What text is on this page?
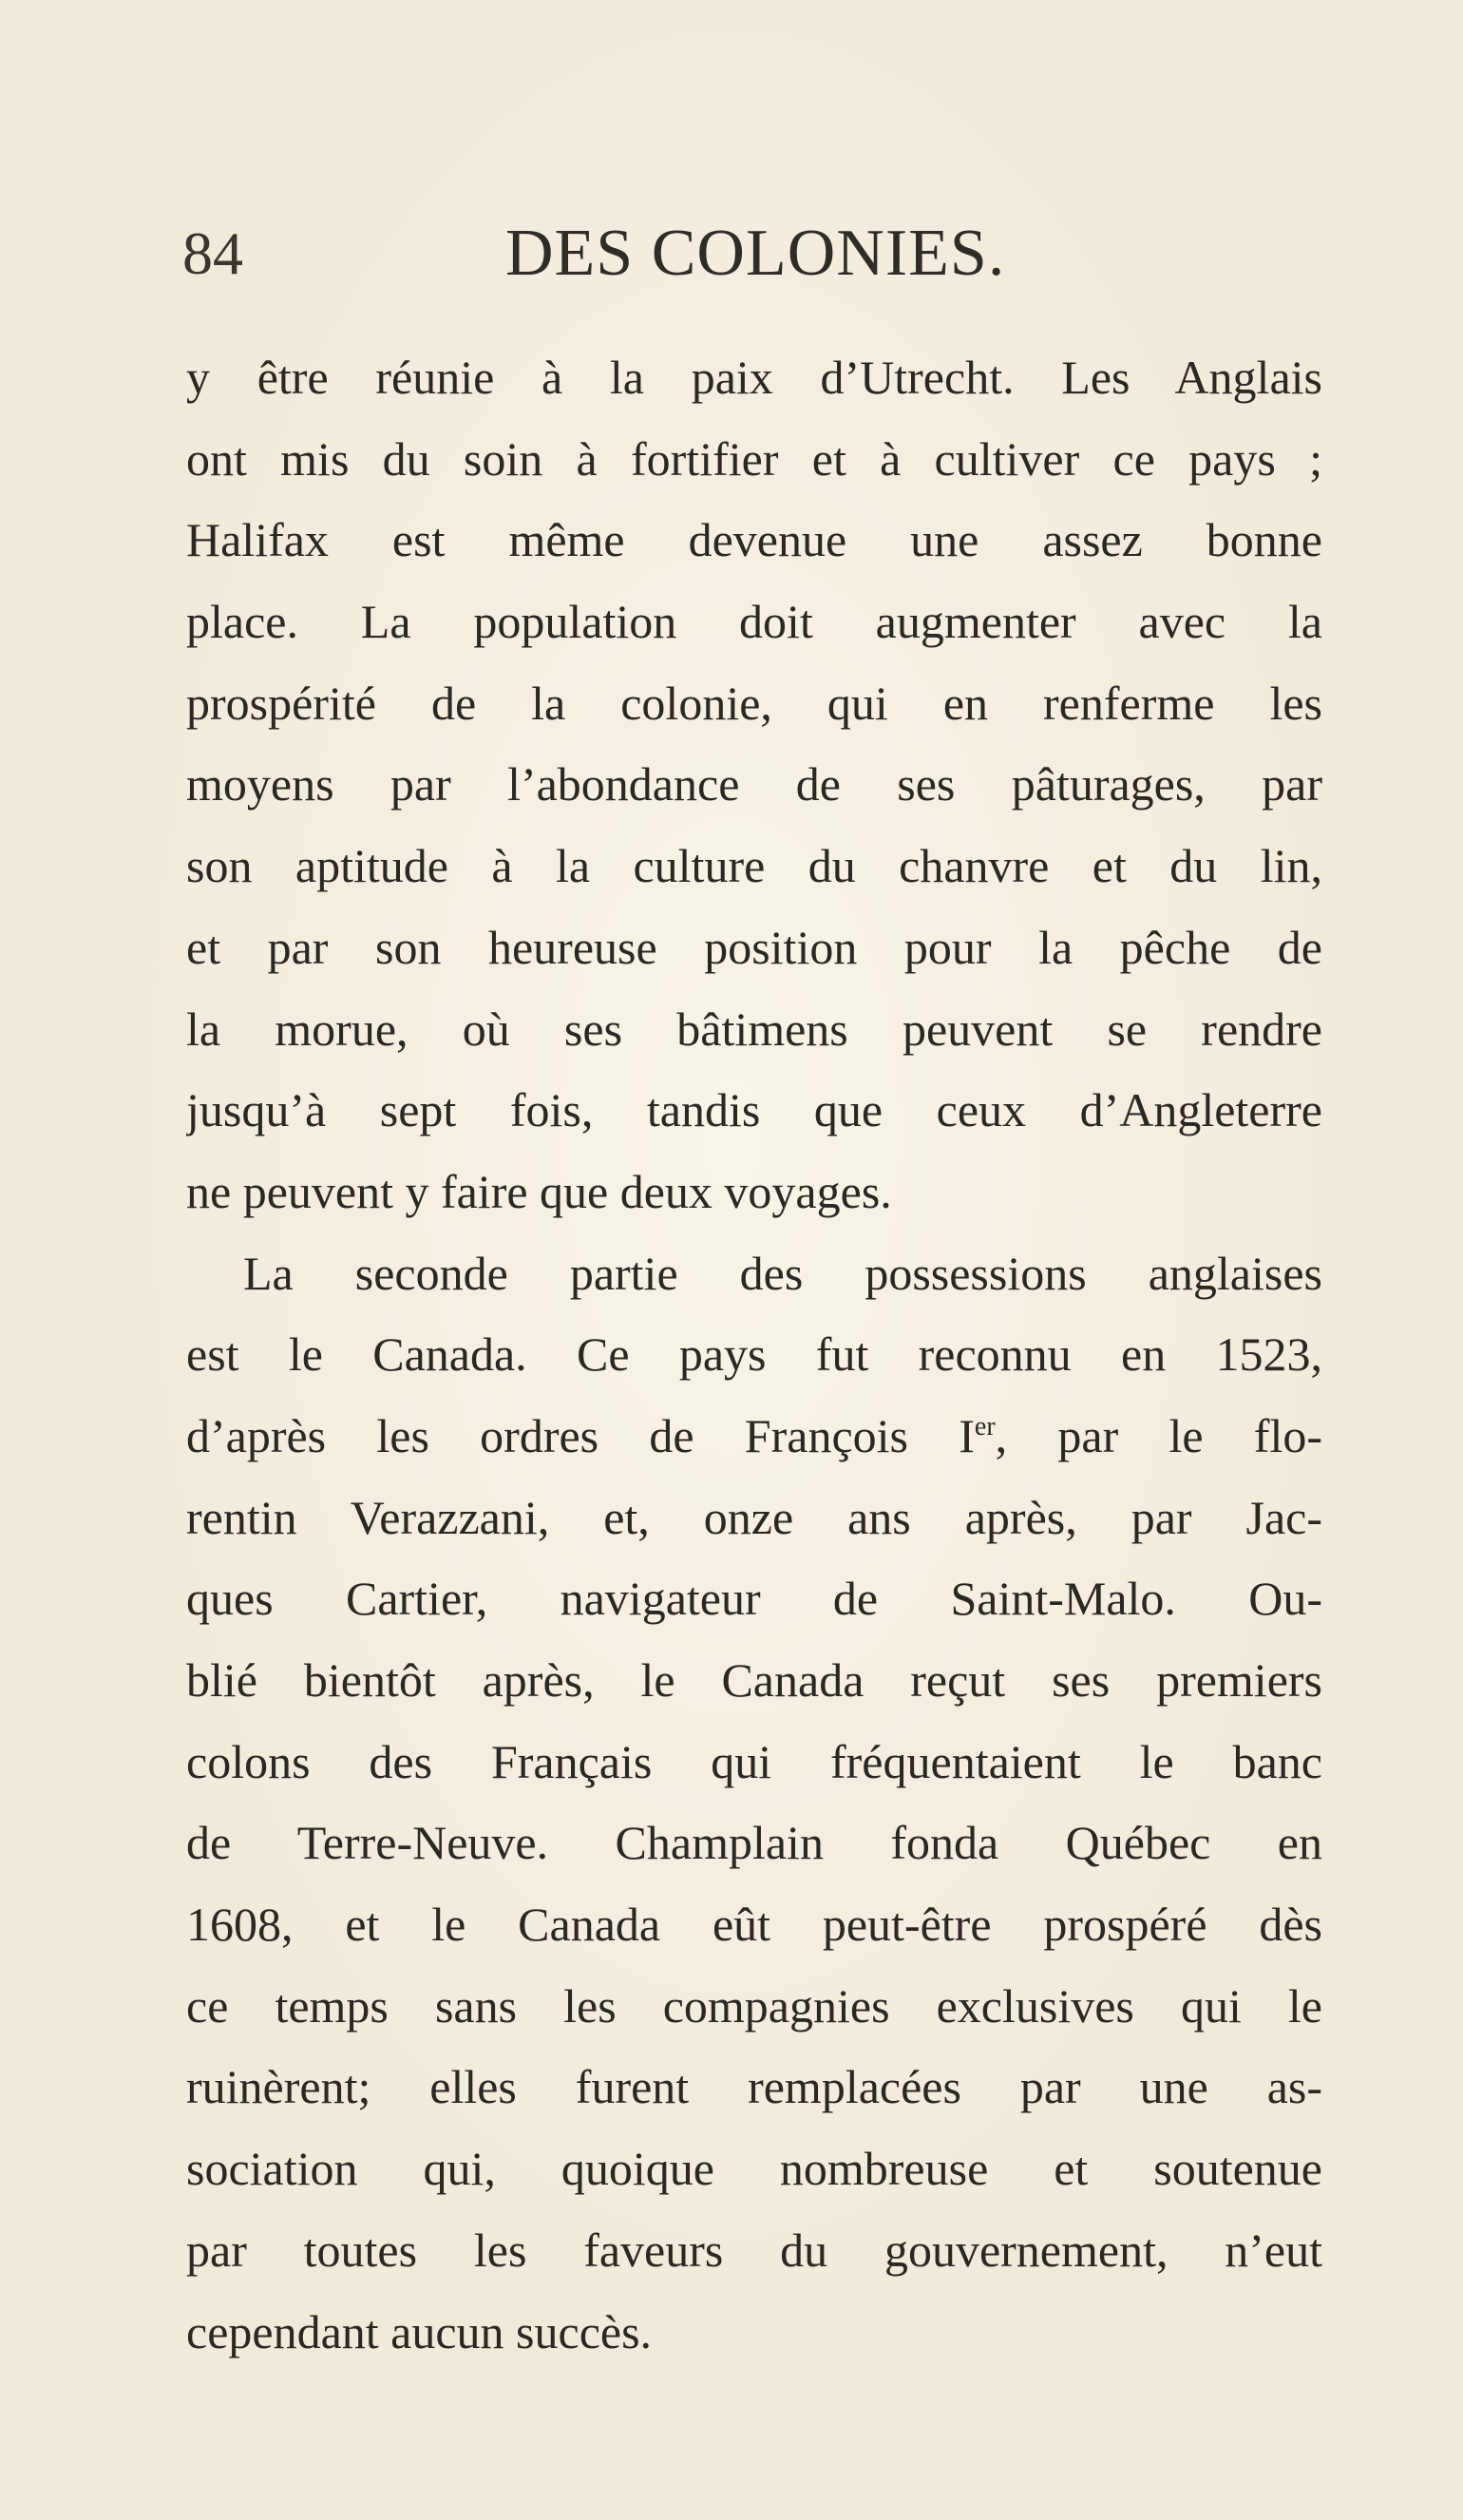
84	DES COLONIES.
y être réunie à la paix d’Utrecht. Les Anglais
ont mis du soin à fortifier et à cultiver ce pays ;
Halifax est même devenue une assez bonne
place. La population doit augmenter avec la
prospérité de la colonie, qui en renferme les
moyens par l’abondance de ses pâturages, par
son aptitude à la culture du chanvre et du lin,
et par son heureuse position pour la pêche de
la morue, où ses bâtimens peuvent se rendre
jusqu’à sept fois, tandis que ceux d’Angleterre
ne peuvent y faire que deux voyages.
La seconde partie des possessions anglaises
est le Canada. Ce pays fut reconnu en 1523,
d’après les ordres de François Ier, par le flo-
rentin Verazzani, et, onze ans après, par Jac-
ques Cartier, navigateur de Saint-Malo. Ou-
blié bientôt après, le Canada reçut ses premiers
colons des Français qui fréquentaient le banc
de Terre-Neuve. Champlain fonda Québec en
1608, et le Canada eût peut-être prospéré dès
ce temps sans les compagnies exclusives qui le
ruinèrent; elles furent remplacées par une as-
sociation qui, quoique nombreuse et soutenue
par toutes les faveurs du gouvernement, n’eut
cependant aucun succès.
